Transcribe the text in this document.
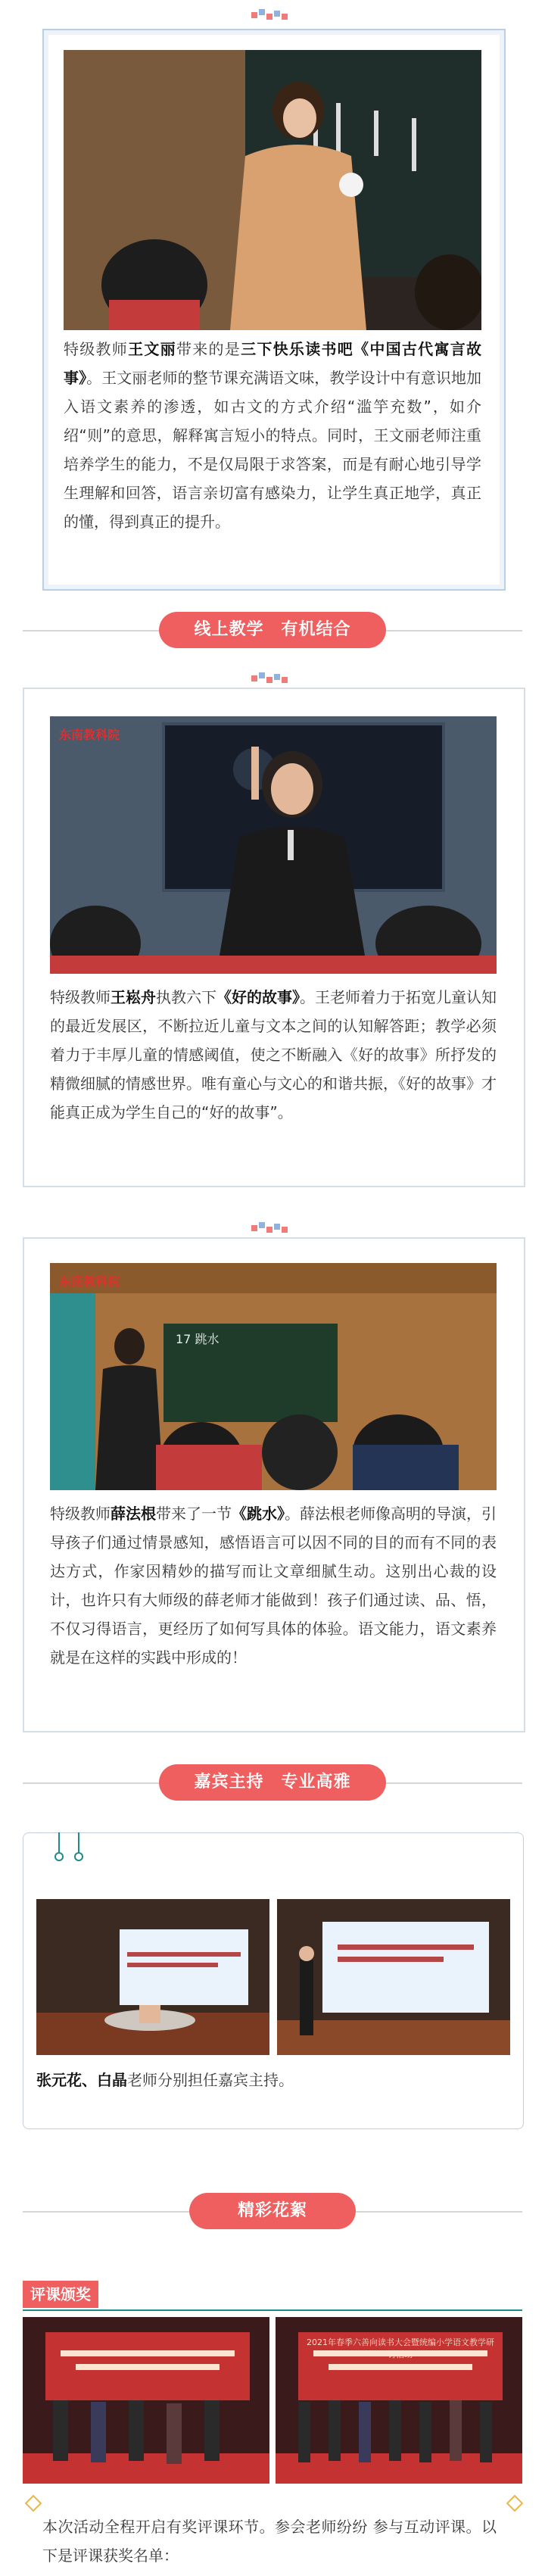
特级教师王文丽带来的是三下快乐读书吧《中国古代寓言故事》。王文丽老师的整节课充满语文味，教学设计中有意识地加入语文素养的渗透，如古文的方式介绍“滥竽充数”，如介绍“则”的意思，解释寓言短小的特点。同时，王文丽老师注重培养学生的能力，不是仅局限于求答案，而是有耐心地引导学生理解和回答，语言亲切富有感染力，让学生真正地学，真正的懂，得到真正的提升。

线上教学　有机结合
东南教科院

特级教师王崧舟执教六下《好的故事》。王老师着力于拓宽儿童认知的最近发展区，不断拉近儿童与文本之间的认知解答距；教学必须着力于丰厚儿童的情感阈值，使之不断融入《好的故事》所抒发的精微细腻的情感世界。唯有童心与文心的和谐共振，《好的故事》才能真正成为学生自己的“好的故事”。

东南教科院
17 跳水

特级教师薛法根带来了一节《跳水》。薛法根老师像高明的导演，引导孩子们通过情景感知，感悟语言可以因不同的目的而有不同的表达方式，作家因精妙的描写而让文章细腻生动。这别出心裁的设计，也许只有大师级的薛老师才能做到！孩子们通过读、品、悟，不仅习得语言，更经历了如何写具体的体验。语文能力，语文素养就是在这样的实践中形成的！

嘉宾主持　专业高雅

张元花、白晶老师分别担任嘉宾主持。

精彩花絮
评课颁奖
2021年春季六善向读书大会暨统编小学语文教学研讨活动

本次活动全程开启有奖评课环节。参会老师纷纷 参与互动评课。以下是评课获奖名单：
